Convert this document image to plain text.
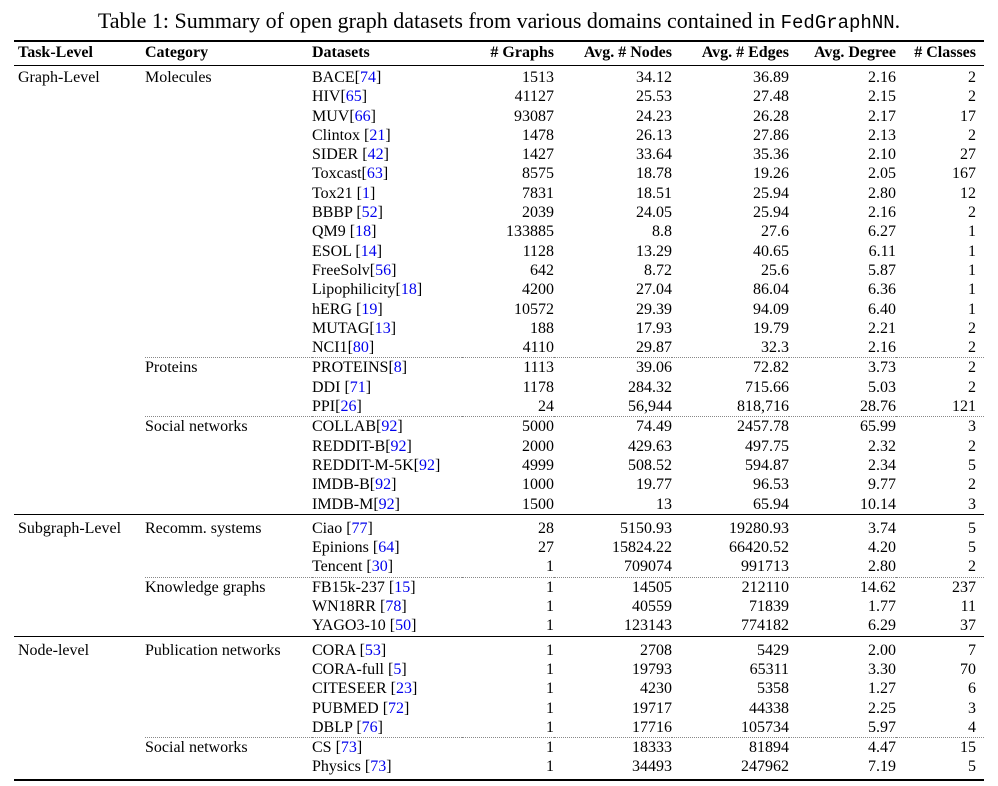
Table 1: Summary of open graph datasets from various domains contained in FedGraphNN.
Task-Level	Category	Datasets	# Graphs	Avg. # Nodes	Avg. # Edges	Avg. Degree	# Classes
Graph-Level	Molecules	BACE[74]	1513	34.12	36.89	2.16	2
		HIV[65]	41127	25.53	27.48	2.15	2
		MUV[66]	93087	24.23	26.28	2.17	17
		Clintox [21]	1478	26.13	27.86	2.13	2
		SIDER [42]	1427	33.64	35.36	2.10	27
		Toxcast[63]	8575	18.78	19.26	2.05	167
		Tox21 [1]	7831	18.51	25.94	2.80	12
		BBBP [52]	2039	24.05	25.94	2.16	2
		QM9 [18]	133885	8.8	27.6	6.27	1
		ESOL [14]	1128	13.29	40.65	6.11	1
		FreeSolv[56]	642	8.72	25.6	5.87	1
		Lipophilicity[18]	4200	27.04	86.04	6.36	1
		hERG [19]	10572	29.39	94.09	6.40	1
		MUTAG[13]	188	17.93	19.79	2.21	2
		NCI1[80]	4110	29.87	32.3	2.16	2
	Proteins	PROTEINS[8]	1113	39.06	72.82	3.73	2
		DDI [71]	1178	284.32	715.66	5.03	2
		PPI[26]	24	56,944	818,716	28.76	121
	Social networks	COLLAB[92]	5000	74.49	2457.78	65.99	3
		REDDIT-B[92]	2000	429.63	497.75	2.32	2
		REDDIT-M-5K[92]	4999	508.52	594.87	2.34	5
		IMDB-B[92]	1000	19.77	96.53	9.77	2
		IMDB-M[92]	1500	13	65.94	10.14	3
Subgraph-Level	Recomm. systems	Ciao [77]	28	5150.93	19280.93	3.74	5
		Epinions [64]	27	15824.22	66420.52	4.20	5
		Tencent [30]	1	709074	991713	2.80	2
	Knowledge graphs	FB15k-237 [15]	1	14505	212110	14.62	237
		WN18RR [78]	1	40559	71839	1.77	11
		YAGO3-10 [50]	1	123143	774182	6.29	37
Node-level	Publication networks	CORA [53]	1	2708	5429	2.00	7
		CORA-full [5]	1	19793	65311	3.30	70
		CITESEER [23]	1	4230	5358	1.27	6
		PUBMED [72]	1	19717	44338	2.25	3
		DBLP [76]	1	17716	105734	5.97	4
	Social networks	CS [73]	1	18333	81894	4.47	15
		Physics [73]	1	34493	247962	7.19	5
